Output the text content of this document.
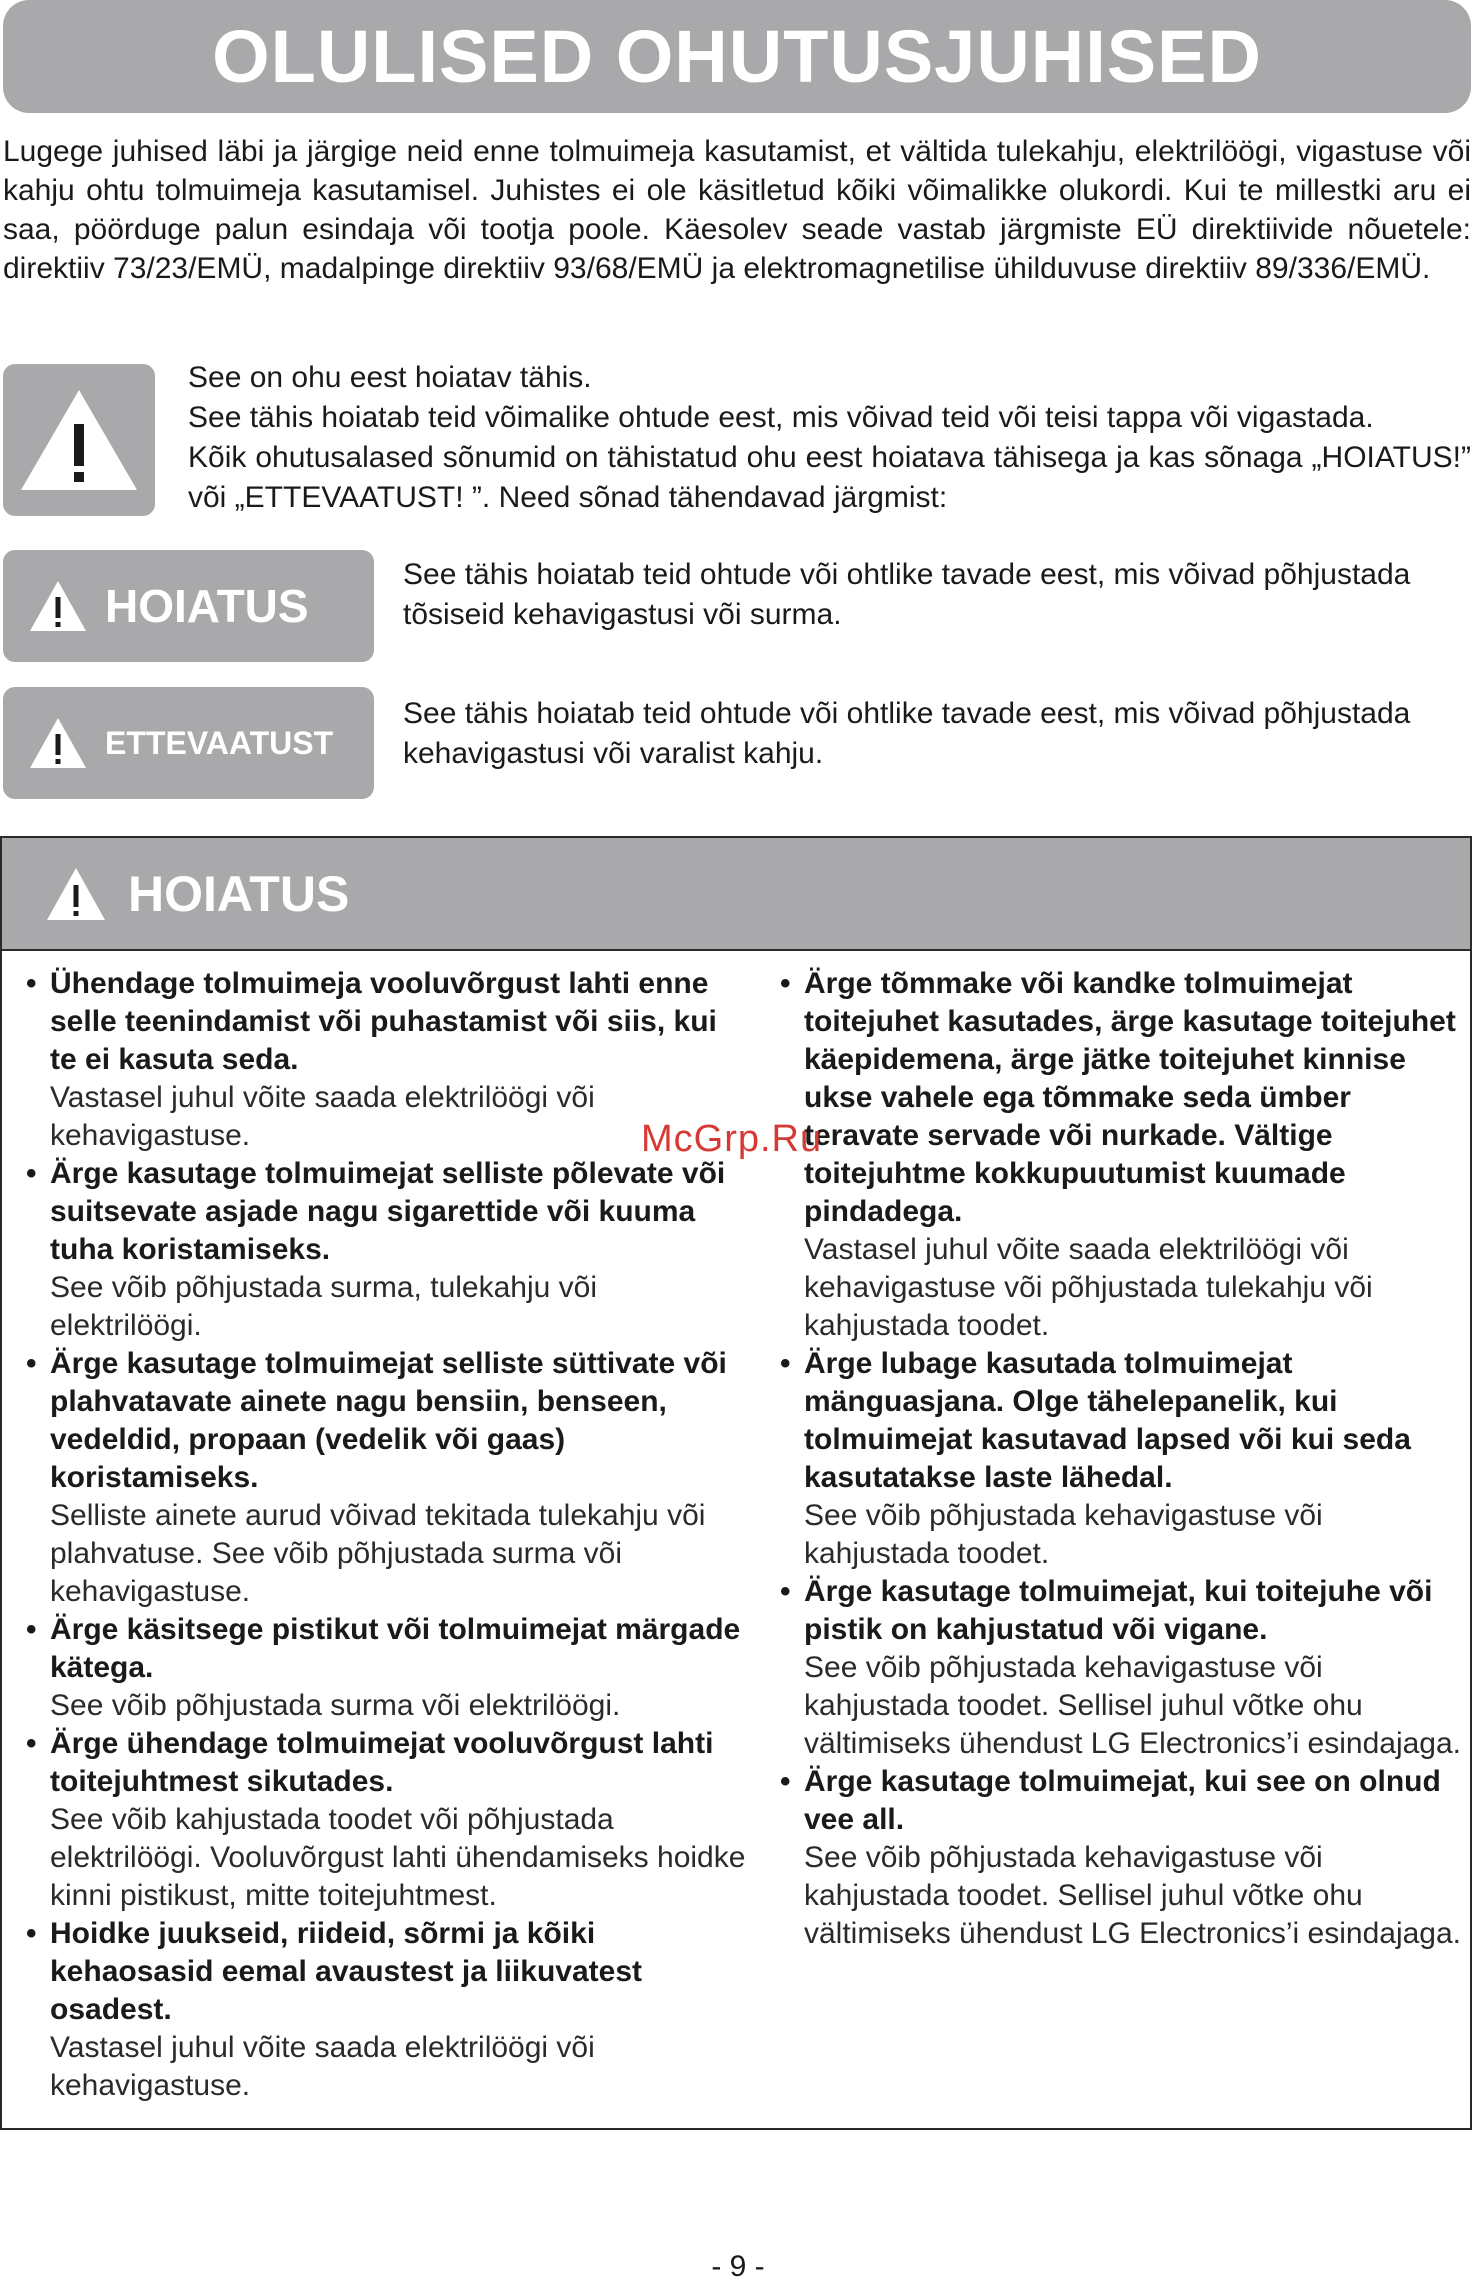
OLULISED OHUTUSJUHISED

Lugege juhised läbi ja järgige neid enne tolmuimeja kasutamist, et vältida tulekahju, elektrilöögi, vigastuse või kahju ohtu tolmuimeja kasutamisel. Juhistes ei ole käsitletud kõiki võimalikke olukordi. Kui te millestki aru ei saa, pöörduge palun esindaja või tootja poole. Käesolev seade vastab järgmiste EÜ direktiivide nõuetele: direktiiv 73/23/EMÜ, madalpinge direktiiv 93/68/EMÜ ja elektromagnetilise ühilduvuse direktiiv 89/336/EMÜ.

See on ohu eest hoiatav tähis.
See tähis hoiatab teid võimalike ohtude eest, mis võivad teid või teisi tappa või vigastada.
Kõik ohutusalased sõnumid on tähistatud ohu eest hoiatava tähisega ja kas sõnaga „HOIATUS!” või „ETTEVAATUST! ”. Need sõnad tähendavad järgmist:

HOIATUS

See tähis hoiatab teid ohtude või ohtlike tavade eest, mis võivad põhjustada tõsiseid kehavigastusi või surma.

ETTEVAATUST

See tähis hoiatab teid ohtude või ohtlike tavade eest, mis võivad põhjustada kehavigastusi või varalist kahju.

HOIATUS
• Ühendage tolmuimeja vooluvõrgust lahti enne selle teenindamist või puhastamist või siis, kui te ei kasuta seda.
Vastasel juhul võite saada elektrilöögi või kehavigastuse.
• Ärge kasutage tolmuimejat selliste põlevate või suitsevate asjade nagu sigarettide või kuuma tuha koristamiseks.
See võib põhjustada surma, tulekahju või elektrilöögi.
• Ärge kasutage tolmuimejat selliste süttivate või plahvatavate ainete nagu bensiin, benseen, vedeldid, propaan (vedelik või gaas) koristamiseks.
Selliste ainete aurud võivad tekitada tulekahju või plahvatuse. See võib põhjustada surma või kehavigastuse.
• Ärge käsitsege pistikut või tolmuimejat märgade kätega.
See võib põhjustada surma või elektrilöögi.
• Ärge ühendage tolmuimejat vooluvõrgust lahti toitejuhtmest sikutades.
See võib kahjustada toodet või põhjustada elektrilöögi. Vooluvõrgust lahti ühendamiseks hoidke kinni pistikust, mitte toitejuhtmest.
• Hoidke juukseid, riideid, sõrmi ja kõiki kehaosasid eemal avaustest ja liikuvatest osadest.
Vastasel juhul võite saada elektrilöögi või kehavigastuse.
• Ärge tõmmake või kandke tolmuimejat toitejuhet kasutades, ärge kasutage toitejuhet käepidemena, ärge jätke toitejuhet kinnise ukse vahele ega tõmmake seda ümber teravate servade või nurkade. Vältige toitejuhtme kokkupuutumist kuumade pindadega.
Vastasel juhul võite saada elektrilöögi või kehavigastuse või põhjustada tulekahju või kahjustada toodet.
• Ärge lubage kasutada tolmuimejat mänguasjana. Olge tähelepanelik, kui tolmuimejat kasutavad lapsed või kui seda kasutatakse laste lähedal.
See võib põhjustada kehavigastuse või kahjustada toodet.
• Ärge kasutage tolmuimejat, kui toitejuhe või pistik on kahjustatud või vigane.
See võib põhjustada kehavigastuse või kahjustada toodet. Sellisel juhul võtke ohu vältimiseks ühendust LG Electronics’i esindajaga.
• Ärge kasutage tolmuimejat, kui see on olnud vee all.
See võib põhjustada kehavigastuse või kahjustada toodet. Sellisel juhul võtke ohu vältimiseks ühendust LG Electronics’i esindajaga.
McGrp.Ru
- 9 -
